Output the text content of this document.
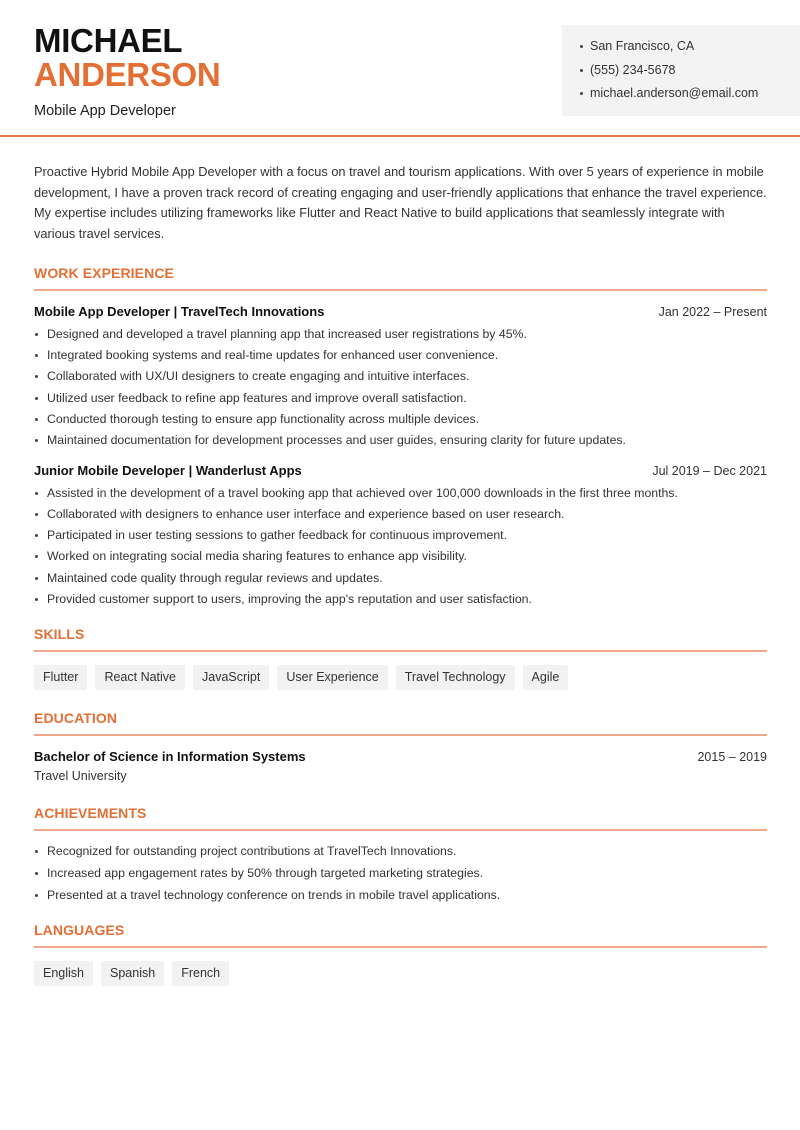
MICHAEL
ANDERSON
Mobile App Developer
San Francisco, CA
(555) 234-5678
michael.anderson@email.com

Proactive Hybrid Mobile App Developer with a focus on travel and tourism applications. With over 5 years of experience in mobile development, I have a proven track record of creating engaging and user-friendly applications that enhance the travel experience. My expertise includes utilizing frameworks like Flutter and React Native to build applications that seamlessly integrate with various travel services.

WORK EXPERIENCE
Mobile App Developer | TravelTech Innovations	Jan 2022 – Present
Designed and developed a travel planning app that increased user registrations by 45%.
Integrated booking systems and real-time updates for enhanced user convenience.
Collaborated with UX/UI designers to create engaging and intuitive interfaces.
Utilized user feedback to refine app features and improve overall satisfaction.
Conducted thorough testing to ensure app functionality across multiple devices.
Maintained documentation for development processes and user guides, ensuring clarity for future updates.
Junior Mobile Developer | Wanderlust Apps	Jul 2019 – Dec 2021
Assisted in the development of a travel booking app that achieved over 100,000 downloads in the first three months.
Collaborated with designers to enhance user interface and experience based on user research.
Participated in user testing sessions to gather feedback for continuous improvement.
Worked on integrating social media sharing features to enhance app visibility.
Maintained code quality through regular reviews and updates.
Provided customer support to users, improving the app's reputation and user satisfaction.
SKILLS
Flutter	React Native	JavaScript	User Experience	Travel Technology	Agile
EDUCATION
Bachelor of Science in Information Systems	2015 – 2019
Travel University
ACHIEVEMENTS
Recognized for outstanding project contributions at TravelTech Innovations.
Increased app engagement rates by 50% through targeted marketing strategies.
Presented at a travel technology conference on trends in mobile travel applications.
LANGUAGES
English	Spanish	French
